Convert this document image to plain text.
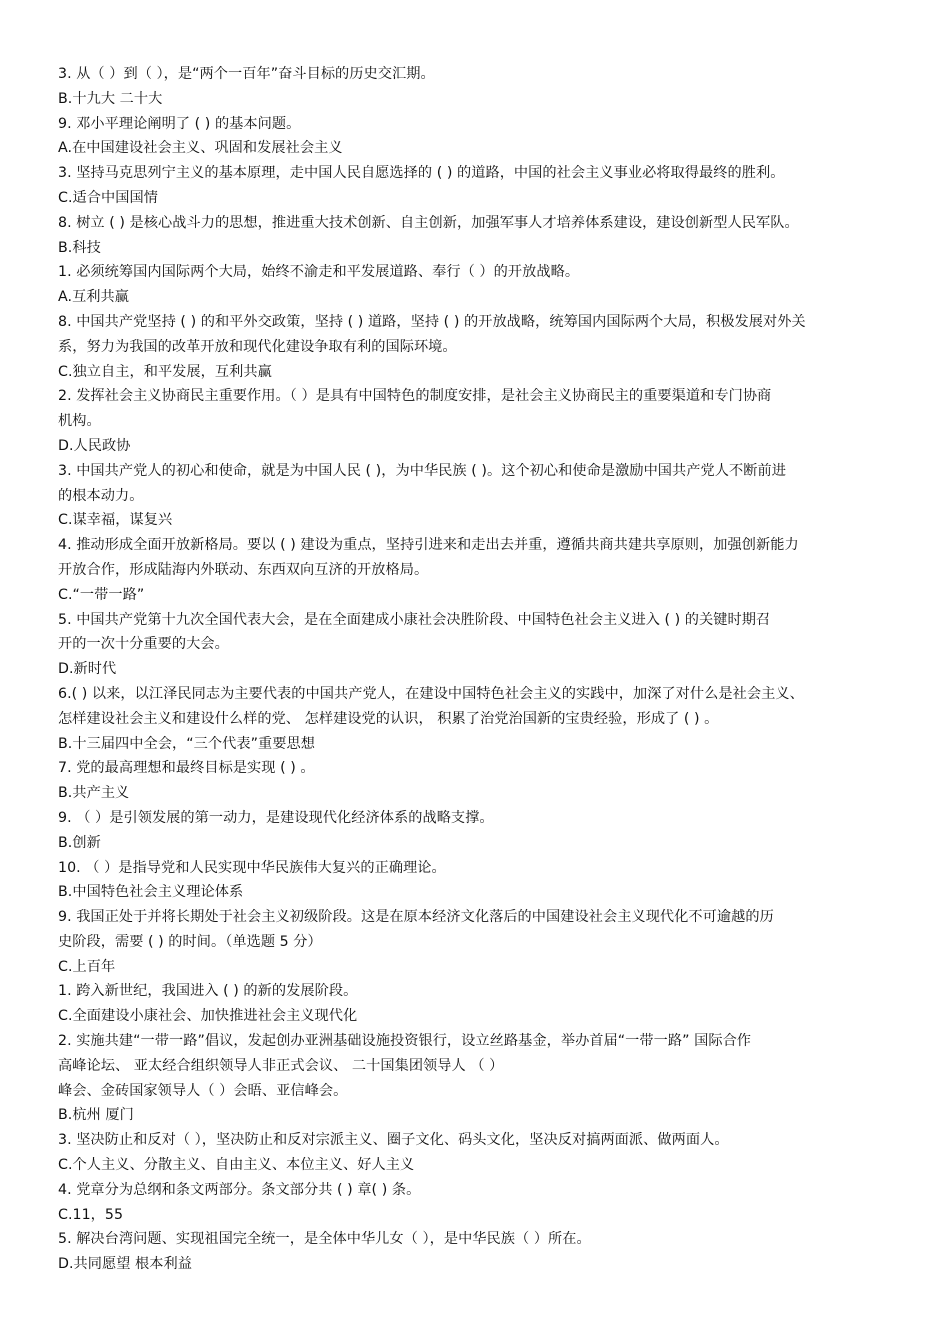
3. 从（ ）到（ ），是“两个一百年”奋斗目标的历史交汇期。
B.十九大 二十大
9. 邓小平理论阐明了 ( ) 的基本问题。
A.在中国建设社会主义、巩固和发展社会主义
3. 坚持马克思列宁主义的基本原理，走中国人民自愿选择的 ( ) 的道路，中国的社会主义事业必将取得最终的胜利。
C.适合中国国情
8. 树立 ( ) 是核心战斗力的思想，推进重大技术创新、自主创新，加强军事人才培养体系建设，建设创新型人民军队。
B.科技
1. 必须统筹国内国际两个大局，始终不渝走和平发展道路、奉行（ ）的开放战略。
A.互利共赢
8. 中国共产党坚持 ( ) 的和平外交政策，坚持 ( ) 道路，坚持 ( ) 的开放战略，统筹国内国际两个大局，积极发展对外关
系，努力为我国的改革开放和现代化建设争取有利的国际环境。
C.独立自主，和平发展，互利共赢
2. 发挥社会主义协商民主重要作用。（ ）是具有中国特色的制度安排，是社会主义协商民主的重要渠道和专门协商
机构。
D.人民政协
3. 中国共产党人的初心和使命，就是为中国人民 ( )，为中华民族 ( )。这个初心和使命是激励中国共产党人不断前进
的根本动力。
C.谋幸福，谋复兴
4. 推动形成全面开放新格局。要以 ( ) 建设为重点，坚持引进来和走出去并重，遵循共商共建共享原则，加强创新能力
开放合作，形成陆海内外联动、东西双向互济的开放格局。
C.“一带一路”
5. 中国共产党第十九次全国代表大会，是在全面建成小康社会决胜阶段、中国特色社会主义进入 ( ) 的关键时期召
开的一次十分重要的大会。
D.新时代
6.( ) 以来，以江泽民同志为主要代表的中国共产党人，在建设中国特色社会主义的实践中，加深了对什么是社会主义、
怎样建设社会主义和建设什么样的党、 怎样建设党的认识， 积累了治党治国新的宝贵经验，形成了 ( ) 。
B.十三届四中全会，“三个代表”重要思想
7. 党的最高理想和最终目标是实现 ( ) 。
B.共产主义
9. （ ）是引领发展的第一动力，是建设现代化经济体系的战略支撑。
B.创新
10. （ ）是指导党和人民实现中华民族伟大复兴的正确理论。
B.中国特色社会主义理论体系
9. 我国正处于并将长期处于社会主义初级阶段。这是在原本经济文化落后的中国建设社会主义现代化不可逾越的历
史阶段，需要 ( ) 的时间。（单选题 5 分）
C.上百年
1. 跨入新世纪，我国进入 ( ) 的新的发展阶段。
C.全面建设小康社会、加快推进社会主义现代化
2. 实施共建“一带一路”倡议，发起创办亚洲基础设施投资银行，设立丝路基金，举办首届“一带一路” 国际合作
高峰论坛、 亚太经合组织领导人非正式会议、 二十国集团领导人 （ ）
峰会、金砖国家领导人（ ）会晤、亚信峰会。
B.杭州 厦门
3. 坚决防止和反对（ ），坚决防止和反对宗派主义、圈子文化、码头文化，坚决反对搞两面派、做两面人。
C.个人主义、分散主义、自由主义、本位主义、好人主义
4. 党章分为总纲和条文两部分。条文部分共 ( ) 章( ) 条。
C.11，55
5. 解决台湾问题、实现祖国完全统一，是全体中华儿女（ ），是中华民族（ ）所在。
D.共同愿望 根本利益
